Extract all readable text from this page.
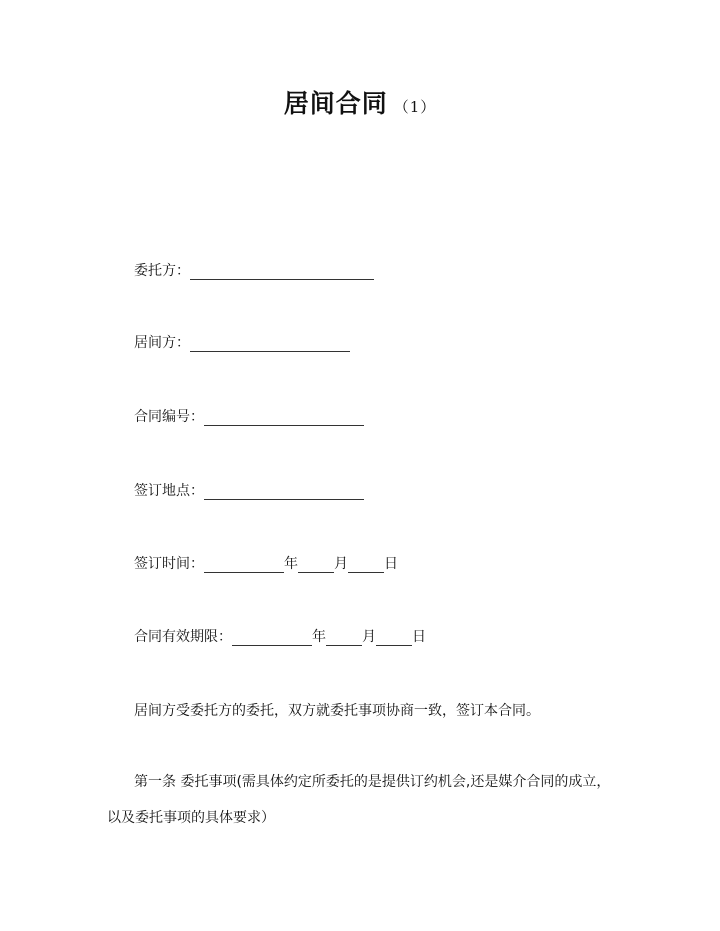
居间合同 （1）
委托方：
居间方：
合同编号：
签订地点：
签订时间：	年	月	日
合同有效期限：	年	月	日
居间方受委托方的委托，双方就委托事项协商一致，签订本合同。
第一条 委托事项(需具体约定所委托的是提供订约机会,还是媒介合同的成立，
以及委托事项的具体要求）
